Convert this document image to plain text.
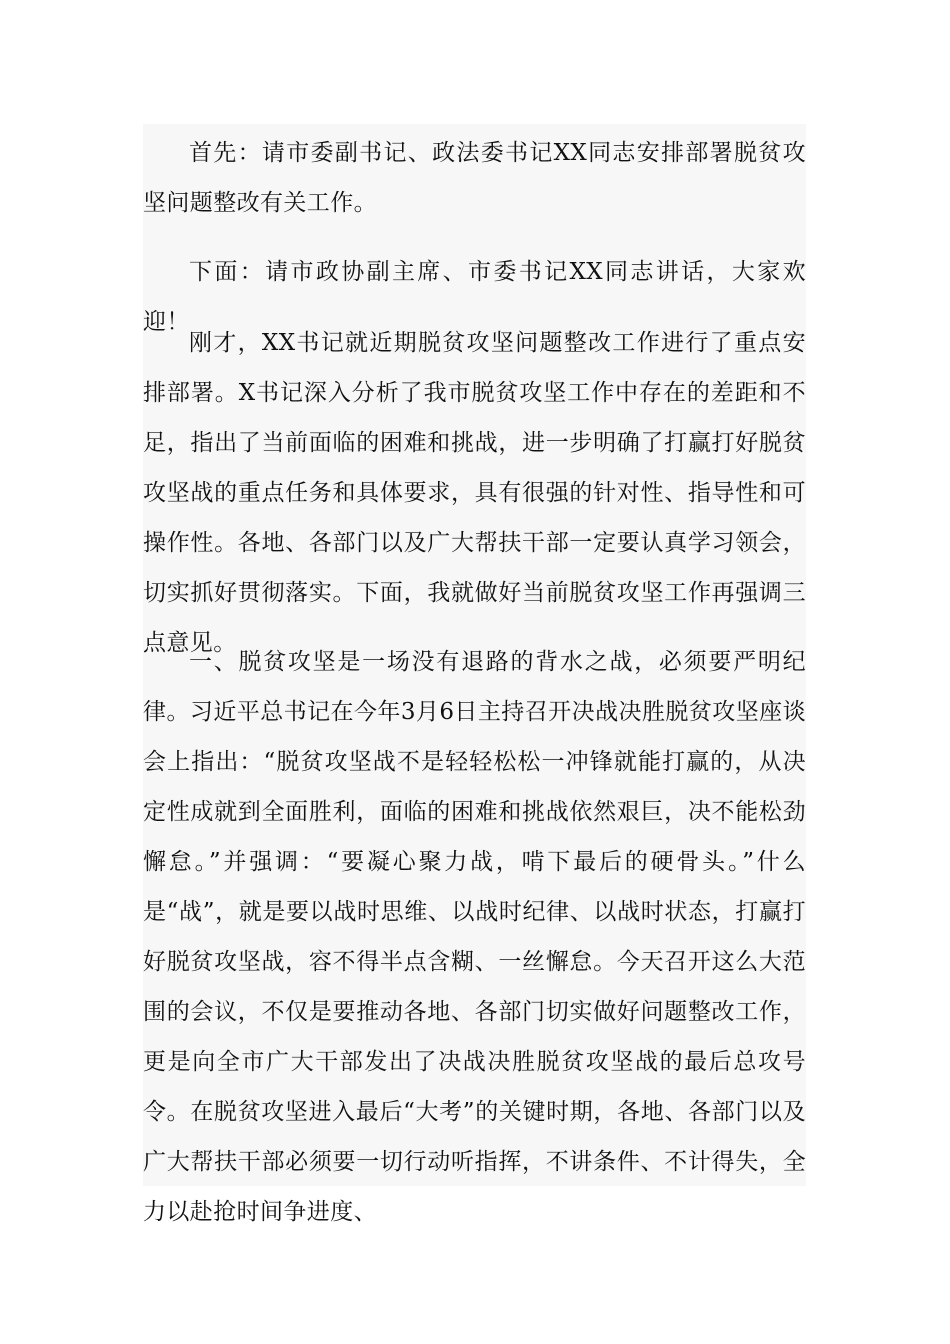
首先：请市委副书记、政法委书记XX同志安排部署脱贫攻坚问题整改有关工作。

下面：请市政协副主席、市委书记XX同志讲话，大家欢迎！

刚才，XX书记就近期脱贫攻坚问题整改工作进行了重点安排部署。X书记深入分析了我市脱贫攻坚工作中存在的差距和不足，指出了当前面临的困难和挑战，进一步明确了打赢打好脱贫攻坚战的重点任务和具体要求，具有很强的针对性、指导性和可操作性。各地、各部门以及广大帮扶干部一定要认真学习领会，切实抓好贯彻落实。下面，我就做好当前脱贫攻坚工作再强调三点意见。

一、脱贫攻坚是一场没有退路的背水之战，必须要严明纪律。习近平总书记在今年3月6日主持召开决战决胜脱贫攻坚座谈会上指出：“脱贫攻坚战不是轻轻松松一冲锋就能打赢的，从决定性成就到全面胜利，面临的困难和挑战依然艰巨，决不能松劲懈怠。”并强调：“要凝心聚力战，啃下最后的硬骨头。”什么是“战”，就是要以战时思维、以战时纪律、以战时状态，打赢打好脱贫攻坚战，容不得半点含糊、一丝懈怠。今天召开这么大范围的会议，不仅是要推动各地、各部门切实做好问题整改工作，更是向全市广大干部发出了决战决胜脱贫攻坚战的最后总攻号令。在脱贫攻坚进入最后“大考”的关键时期，各地、各部门以及广大帮扶干部必须要一切行动听指挥，不讲条件、不计得失，全力以赴抢时间争进度、
